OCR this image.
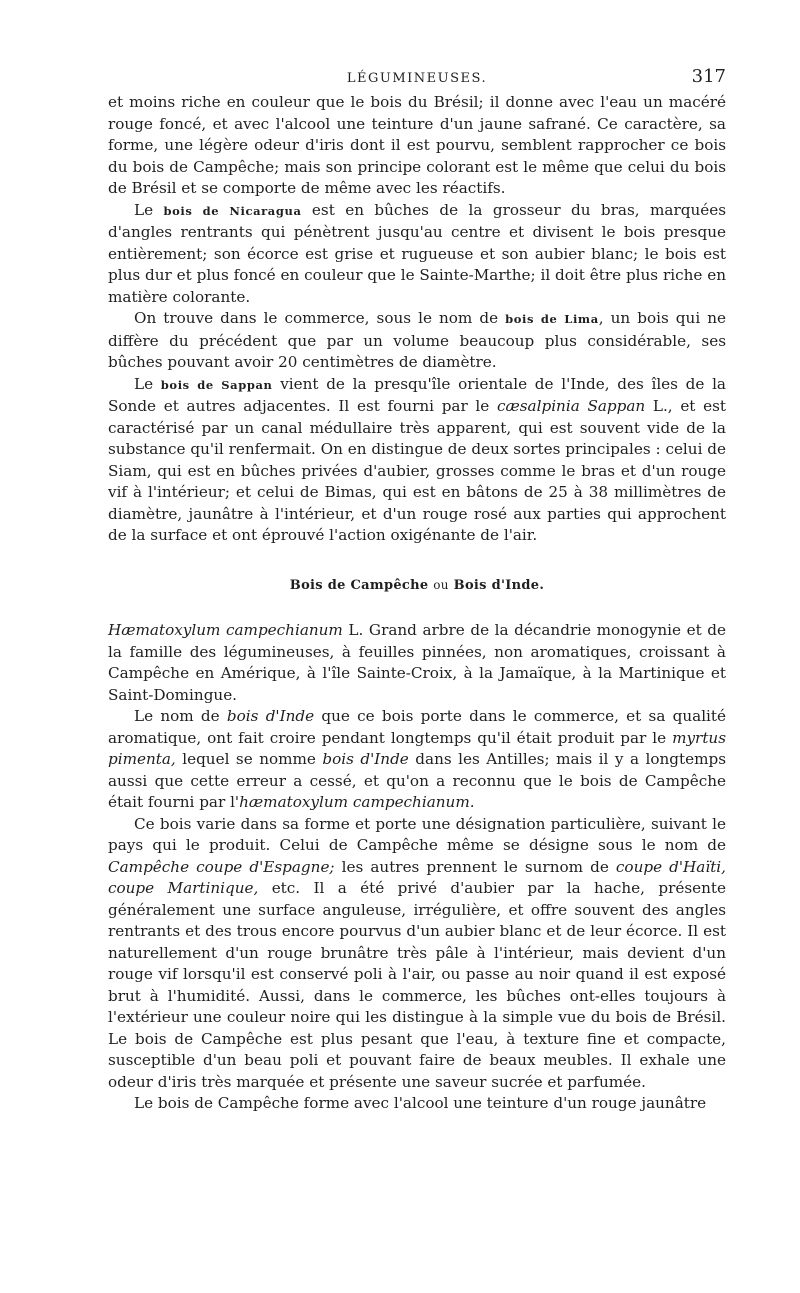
LÉGUMINEUSES.	317

et moins riche en couleur que le bois du Brésil; il donne avec l'eau un macéré rouge foncé, et avec l'alcool une teinture d'un jaune safrané. Ce caractère, sa forme, une légère odeur d'iris dont il est pourvu, semblent rapprocher ce bois du bois de Campêche; mais son principe colorant est le même que celui du bois de Brésil et se comporte de même avec les réactifs.

Le bois de Nicaragua est en bûches de la grosseur du bras, marquées d'angles rentrants qui pénètrent jusqu'au centre et divisent le bois presque entièrement; son écorce est grise et rugueuse et son aubier blanc; le bois est plus dur et plus foncé en couleur que le Sainte-Marthe; il doit être plus riche en matière colorante.

On trouve dans le commerce, sous le nom de bois de Lima, un bois qui ne diffère du précédent que par un volume beaucoup plus considérable, ses bûches pouvant avoir 20 centimètres de diamètre.

Le bois de Sappan vient de la presqu'île orientale de l'Inde, des îles de la Sonde et autres adjacentes. Il est fourni par le cæsalpinia Sappan L., et est caractérisé par un canal médullaire très apparent, qui est souvent vide de la substance qu'il renfermait. On en distingue de deux sortes principales : celui de Siam, qui est en bûches privées d'aubier, grosses comme le bras et d'un rouge vif à l'intérieur; et celui de Bimas, qui est en bâtons de 25 à 38 millimètres de diamètre, jaunâtre à l'intérieur, et d'un rouge rosé aux parties qui approchent de la surface et ont éprouvé l'action oxigénante de l'air.

Bois de Campêche ou Bois d'Inde.

Hæmatoxylum campechianum L. Grand arbre de la décandrie monogynie et de la famille des légumineuses, à feuilles pinnées, non aromatiques, croissant à Campêche en Amérique, à l'île Sainte-Croix, à la Jamaïque, à la Martinique et Saint-Domingue.

Le nom de bois d'Inde que ce bois porte dans le commerce, et sa qualité aromatique, ont fait croire pendant longtemps qu'il était produit par le myrtus pimenta, lequel se nomme bois d'Inde dans les Antilles; mais il y a longtemps aussi que cette erreur a cessé, et qu'on a reconnu que le bois de Campêche était fourni par l'hæmatoxylum campechianum.

Ce bois varie dans sa forme et porte une désignation particulière, suivant le pays qui le produit. Celui de Campêche même se désigne sous le nom de Campêche coupe d'Espagne; les autres prennent le surnom de coupe d'Haïti, coupe Martinique, etc. Il a été privé d'aubier par la hache, présente généralement une surface anguleuse, irrégulière, et offre souvent des angles rentrants et des trous encore pourvus d'un aubier blanc et de leur écorce. Il est naturellement d'un rouge brunâtre très pâle à l'intérieur, mais devient d'un rouge vif lorsqu'il est conservé poli à l'air, ou passe au noir quand il est exposé brut à l'humidité. Aussi, dans le commerce, les bûches ont-elles toujours à l'extérieur une couleur noire qui les distingue à la simple vue du bois de Brésil. Le bois de Campêche est plus pesant que l'eau, à texture fine et compacte, susceptible d'un beau poli et pouvant faire de beaux meubles. Il exhale une odeur d'iris très marquée et présente une saveur sucrée et parfumée.

Le bois de Campêche forme avec l'alcool une teinture d'un rouge jaunâtre
